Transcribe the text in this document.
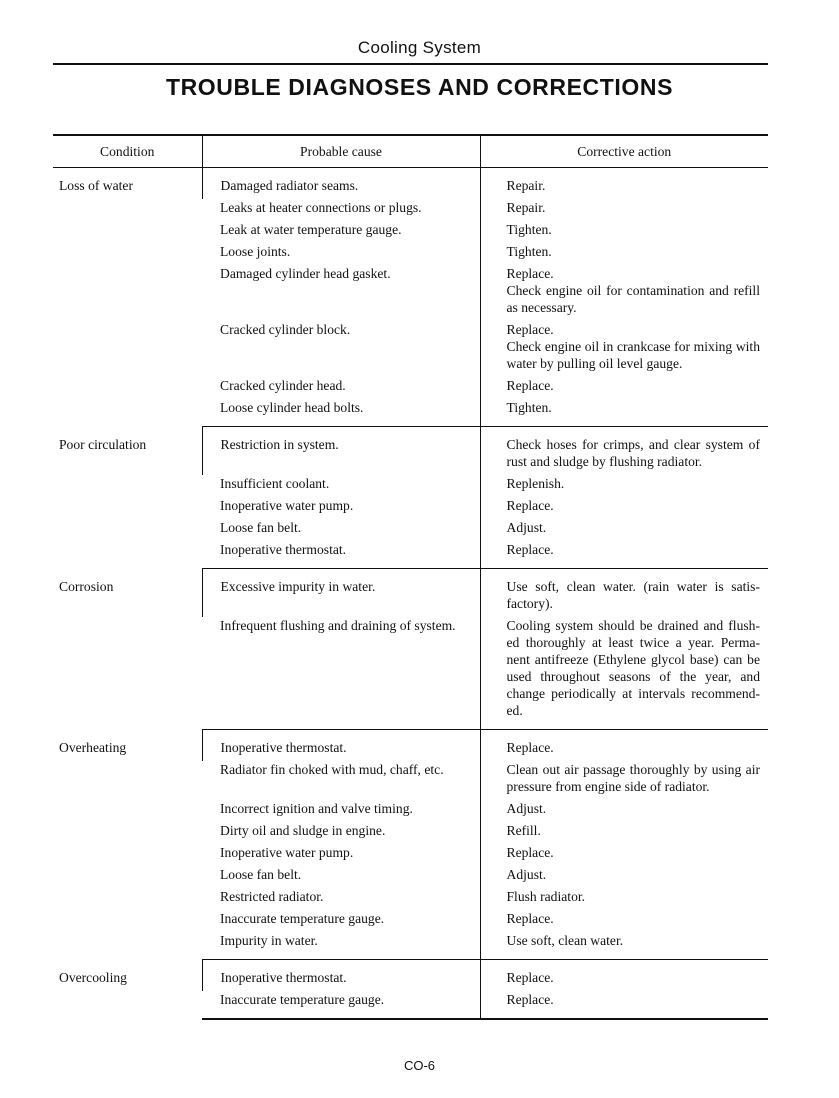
Cooling System
TROUBLE DIAGNOSES AND CORRECTIONS
Condition	Probable cause	Corrective action
Loss of water	Damaged radiator seams.	Repair.

	Leaks at heater connections or plugs.	Repair.

	Leak at water temperature gauge.	Tighten.

	Loose joints.	Tighten.

	Damaged cylinder head gasket.	Replace.
Check engine oil for contamination and refill as necessary.

	Cracked cylinder block.	Replace.
Check engine oil in crankcase for mixing with water by pulling oil level gauge.

	Cracked cylinder head.	Replace.

	Loose cylinder head bolts.	Tighten.

Poor circulation	Restriction in system.	Check hoses for crimps, and clear system of rust and sludge by flushing radiator.

	Insufficient coolant.	Replenish.

	Inoperative water pump.	Replace.

	Loose fan belt.	Adjust.

	Inoperative thermostat.	Replace.

Corrosion	Excessive impurity in water.	Use soft, clean water. (rain water is satis-factory).

	Infrequent flushing and draining of system.	Cooling system should be drained and flush-ed thoroughly at least twice a year. Perma-nent antifreeze (Ethylene glycol base) can be used throughout seasons of the year, and change periodically at intervals recommend-ed.

Overheating	Inoperative thermostat.	Replace.

	Radiator fin choked with mud, chaff, etc.	Clean out air passage thoroughly by using air pressure from engine side of radiator.

	Incorrect ignition and valve timing.	Adjust.

	Dirty oil and sludge in engine.	Refill.

	Inoperative water pump.	Replace.

	Loose fan belt.	Adjust.

	Restricted radiator.	Flush radiator.

	Inaccurate temperature gauge.	Replace.

	Impurity in water.	Use soft, clean water.

Overcooling	Inoperative thermostat.	Replace.

	Inaccurate temperature gauge.	Replace.
CO-6
